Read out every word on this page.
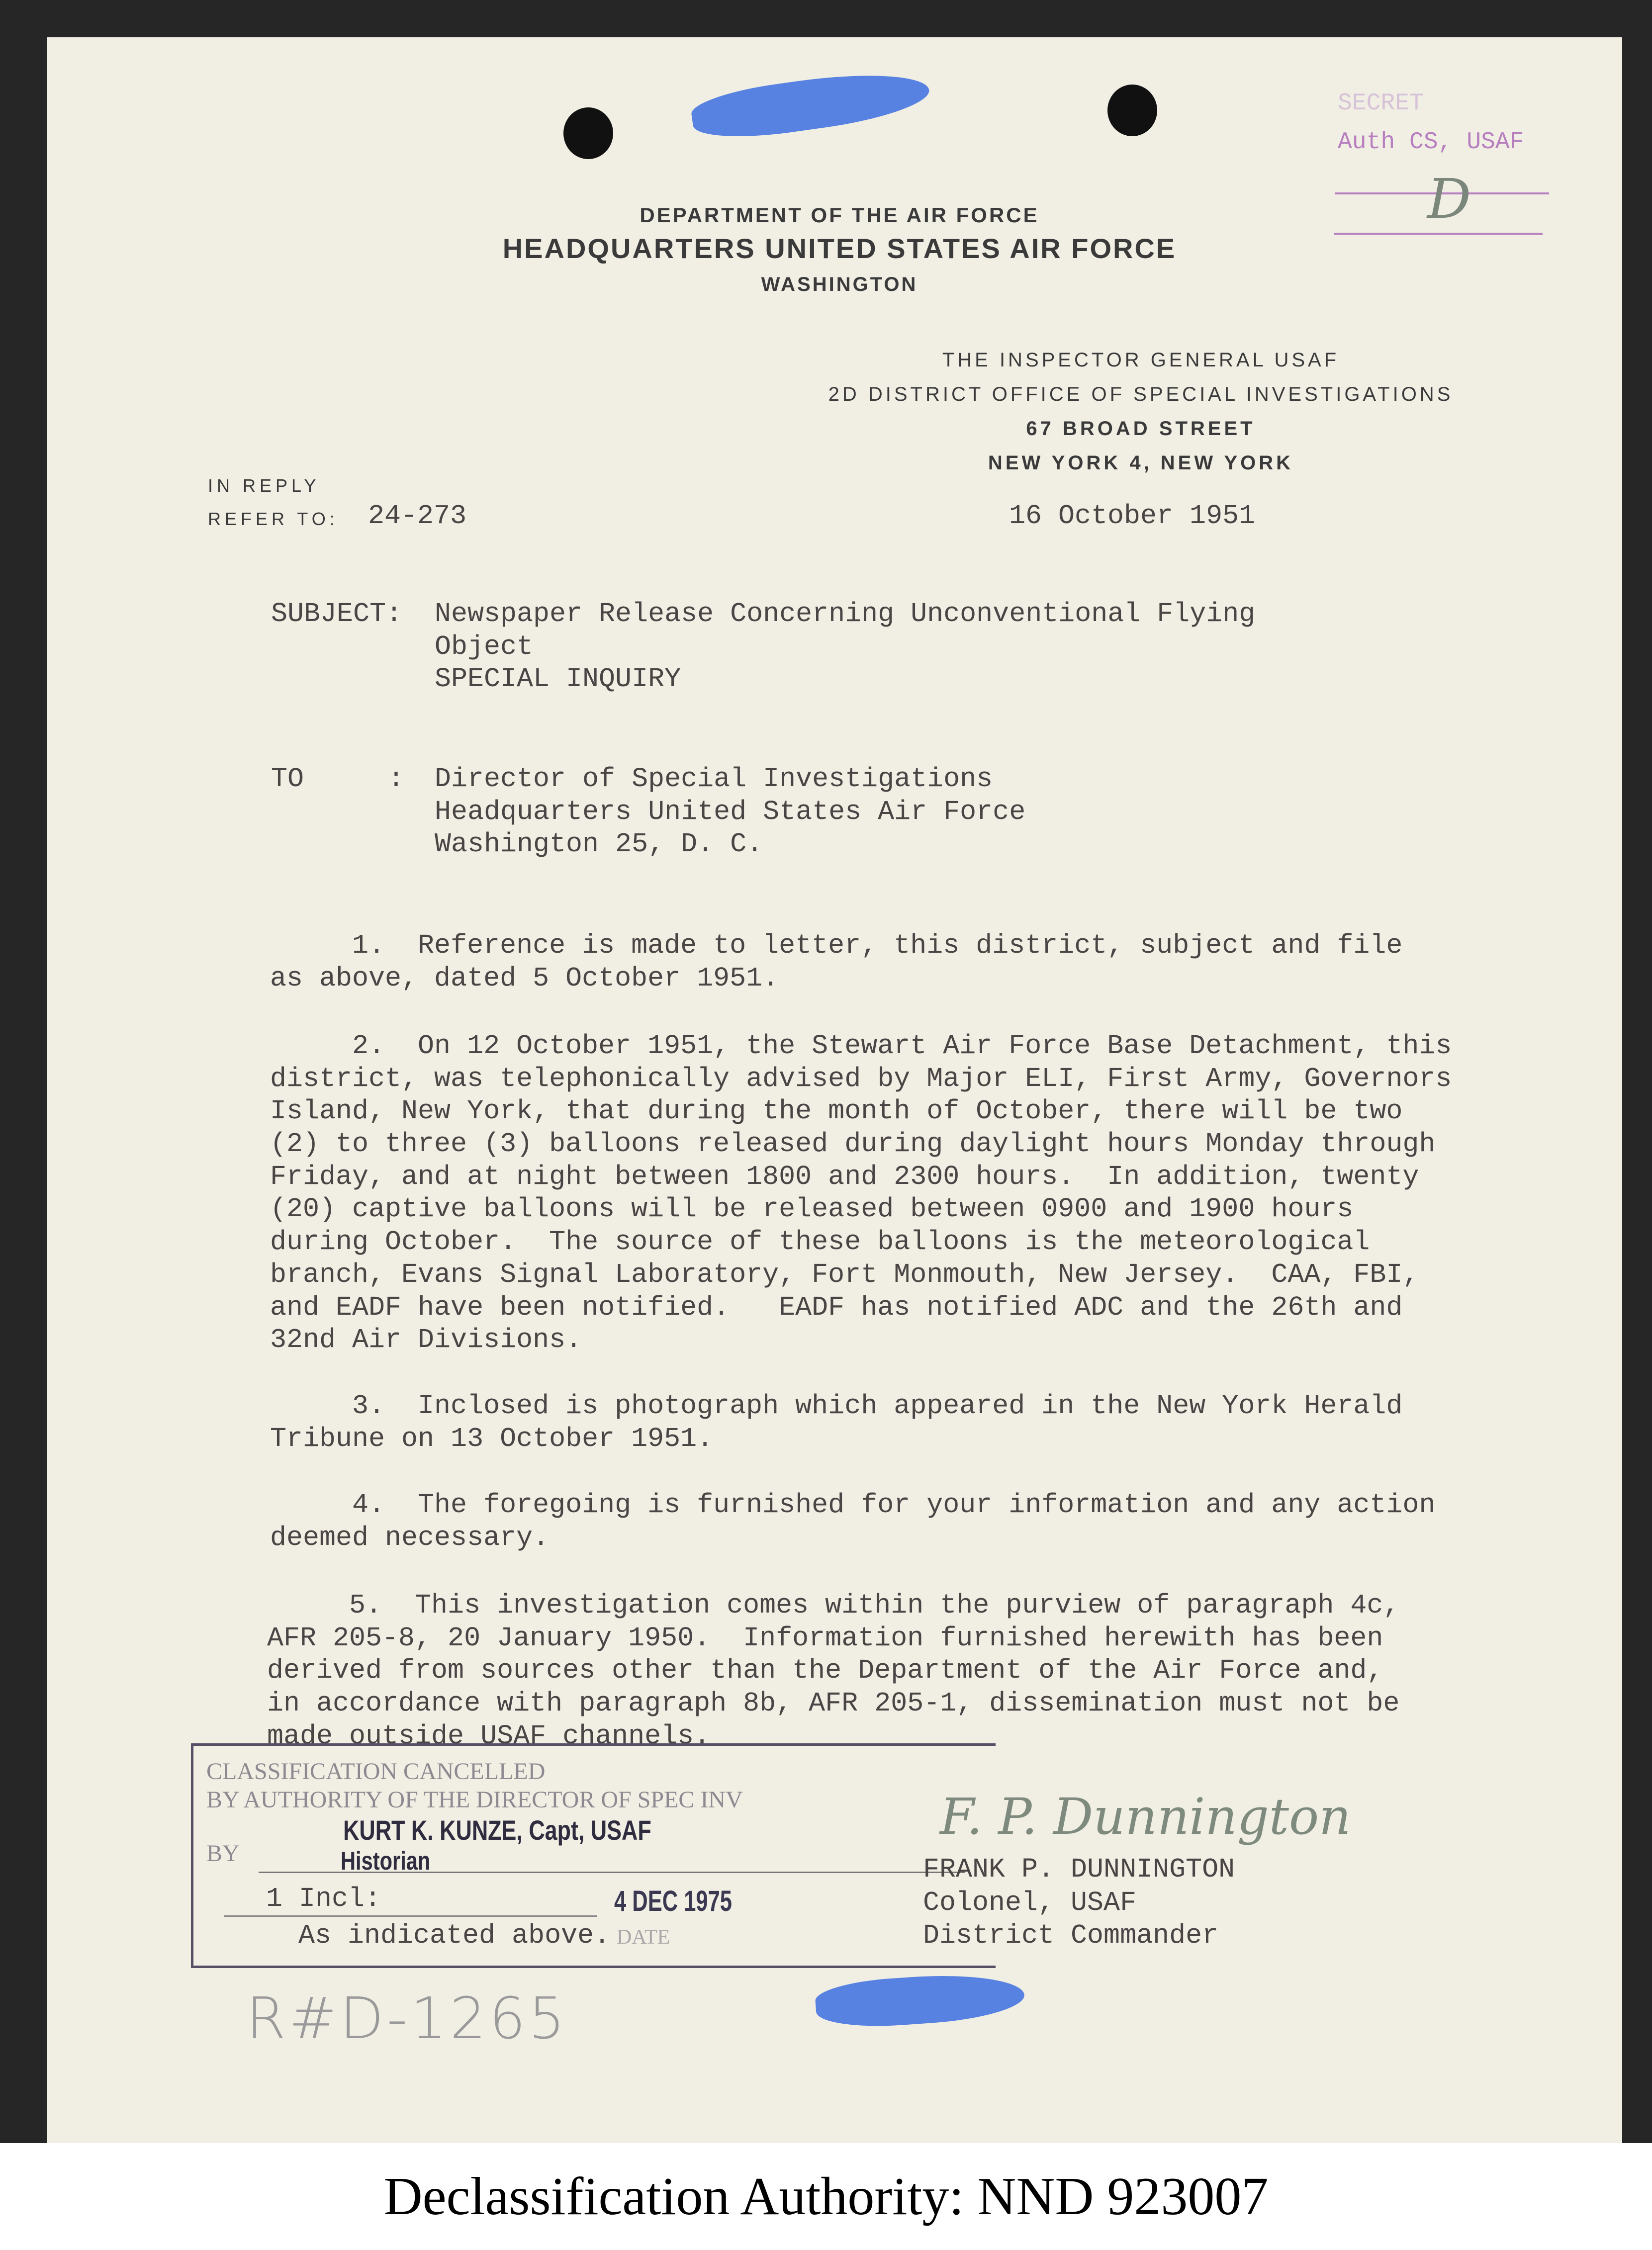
SECRET
Auth CS, USAF
D
DEPARTMENT OF THE AIR FORCE
HEADQUARTERS UNITED STATES AIR FORCE
WASHINGTON
THE INSPECTOR GENERAL USAF
2D DISTRICT OFFICE OF SPECIAL INVESTIGATIONS
67 BROAD STREET
NEW YORK 4, NEW YORK
IN REPLY
REFER TO: 24-273	16 October 1951
SUBJECT: Newspaper Release Concerning Unconventional Flying
Object
SPECIAL INQUIRY
TO	: Director of Special Investigations
Headquarters United States Air Force
Washington 25, D. C.
1.  Reference is made to letter, this district, subject and file
as above, dated 5 October 1951.
2.  On 12 October 1951, the Stewart Air Force Base Detachment, this
district, was telephonically advised by Major ELI, First Army, Governors
Island, New York, that during the month of October, there will be two
(2) to three (3) balloons released during daylight hours Monday through
Friday, and at night between 1800 and 2300 hours.  In addition, twenty
(20) captive balloons will be released between 0900 and 1900 hours
during October.  The source of these balloons is the meteorological
branch, Evans Signal Laboratory, Fort Monmouth, New Jersey.  CAA, FBI,
and EADF have been notified.   EADF has notified ADC and the 26th and
32nd Air Divisions.
3.  Inclosed is photograph which appeared in the New York Herald
Tribune on 13 October 1951.
4.  The foregoing is furnished for your information and any action
deemed necessary.
5.  This investigation comes within the purview of paragraph 4c,
AFR 205-8, 20 January 1950.  Information furnished herewith has been
derived from sources other than the Department of the Air Force and,
in accordance with paragraph 8b, AFR 205-1, dissemination must not be
made outside USAF channels.
CLASSIFICATION CANCELLED
BY AUTHORITY OF THE DIRECTOR OF SPEC INV
BY
KURT K. KUNZE, Capt, USAF
Historian
4 DEC 1975
DATE
1 Incl:
As indicated above.
F. P. Dunnington
FRANK P. DUNNINGTON
Colonel, USAF
District Commander
R#D-1265
Declassification Authority: NND 923007
